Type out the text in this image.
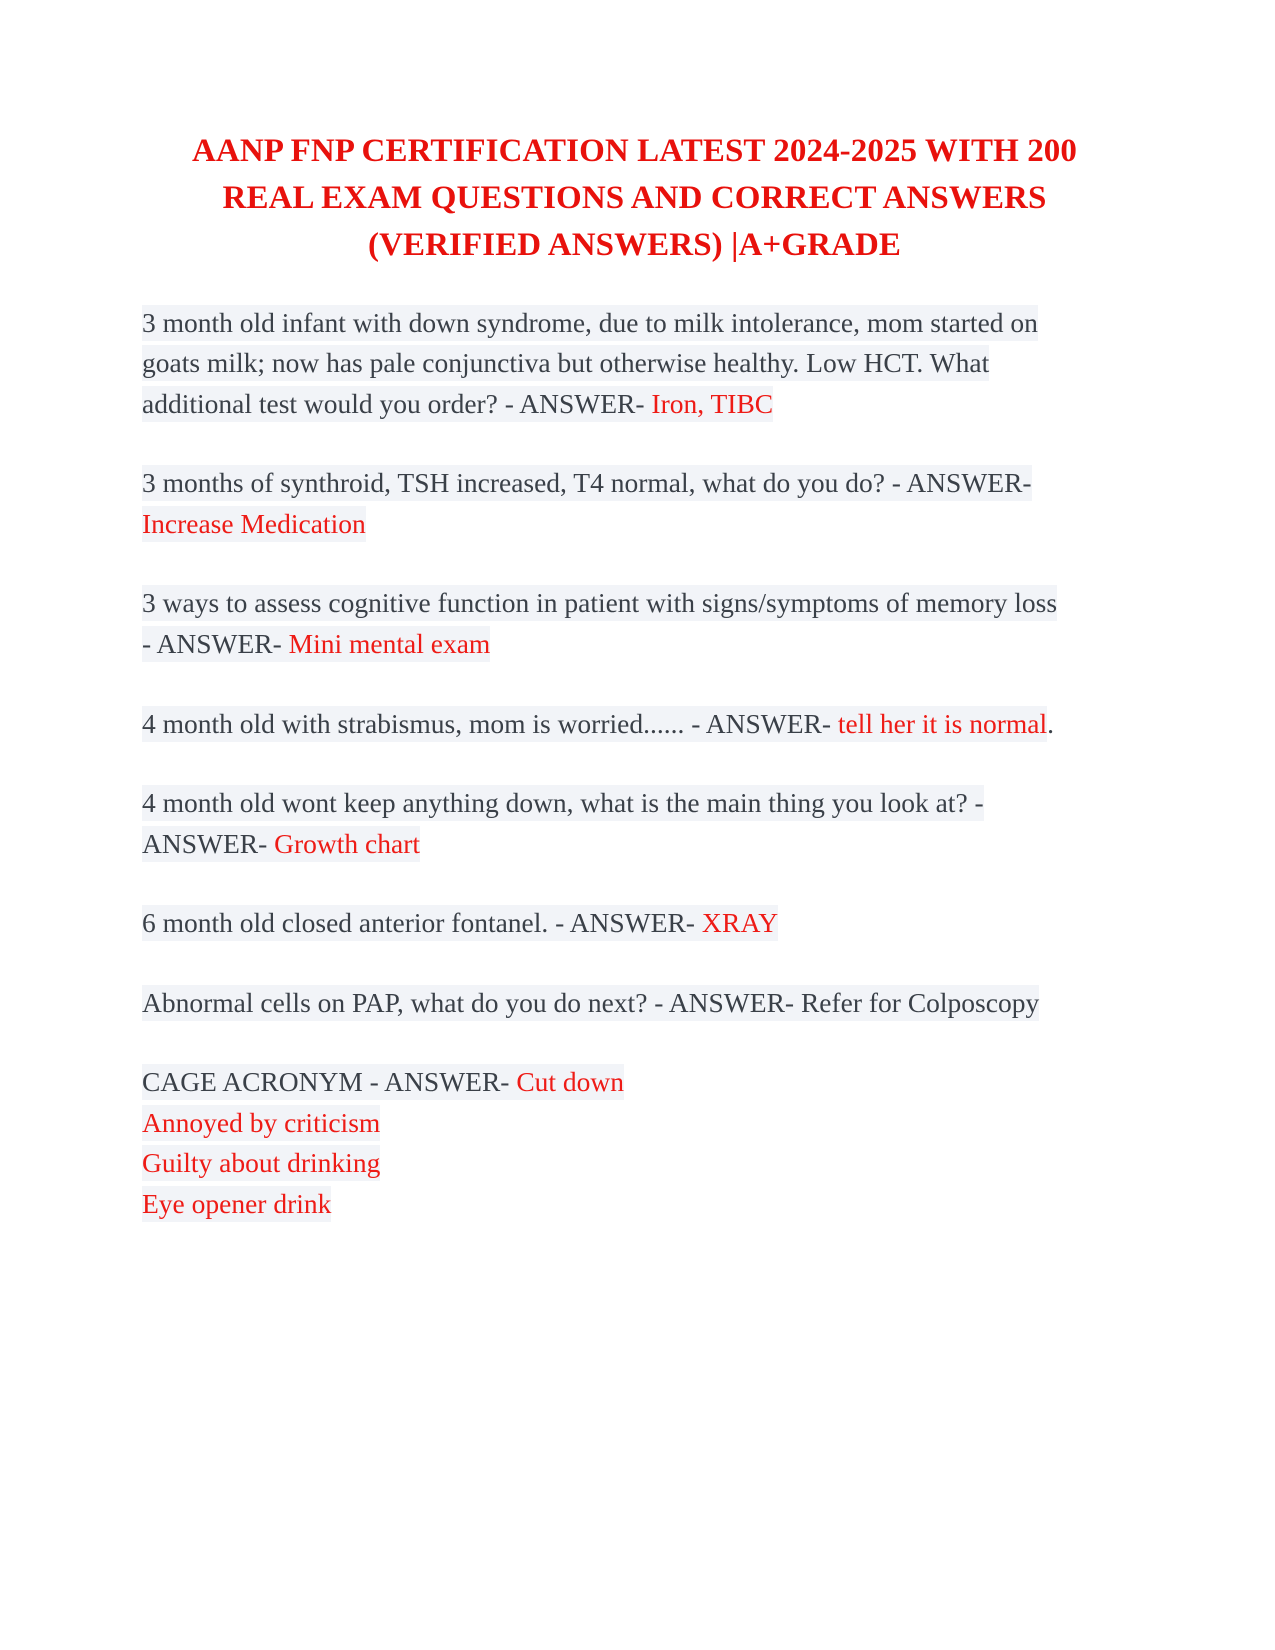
AANP FNP CERTIFICATION LATEST 2024-2025 WITH 200 REAL EXAM QUESTIONS AND CORRECT ANSWERS (VERIFIED ANSWERS) |A+GRADE

3 month old infant with down syndrome, due to milk intolerance, mom started on goats milk; now has pale conjunctiva but otherwise healthy. Low HCT. What additional test would you order? - ANSWER- Iron, TIBC

3 months of synthroid, TSH increased, T4 normal, what do you do? - ANSWER- Increase Medication

3 ways to assess cognitive function in patient with signs/symptoms of memory loss - ANSWER- Mini mental exam

4 month old with strabismus, mom is worried...... - ANSWER- tell her it is normal.

4 month old wont keep anything down, what is the main thing you look at? - ANSWER- Growth chart

6 month old closed anterior fontanel. - ANSWER- XRAY

Abnormal cells on PAP, what do you do next? - ANSWER- Refer for Colposcopy

CAGE ACRONYM - ANSWER- Cut down
Annoyed by criticism
Guilty about drinking
Eye opener drink
